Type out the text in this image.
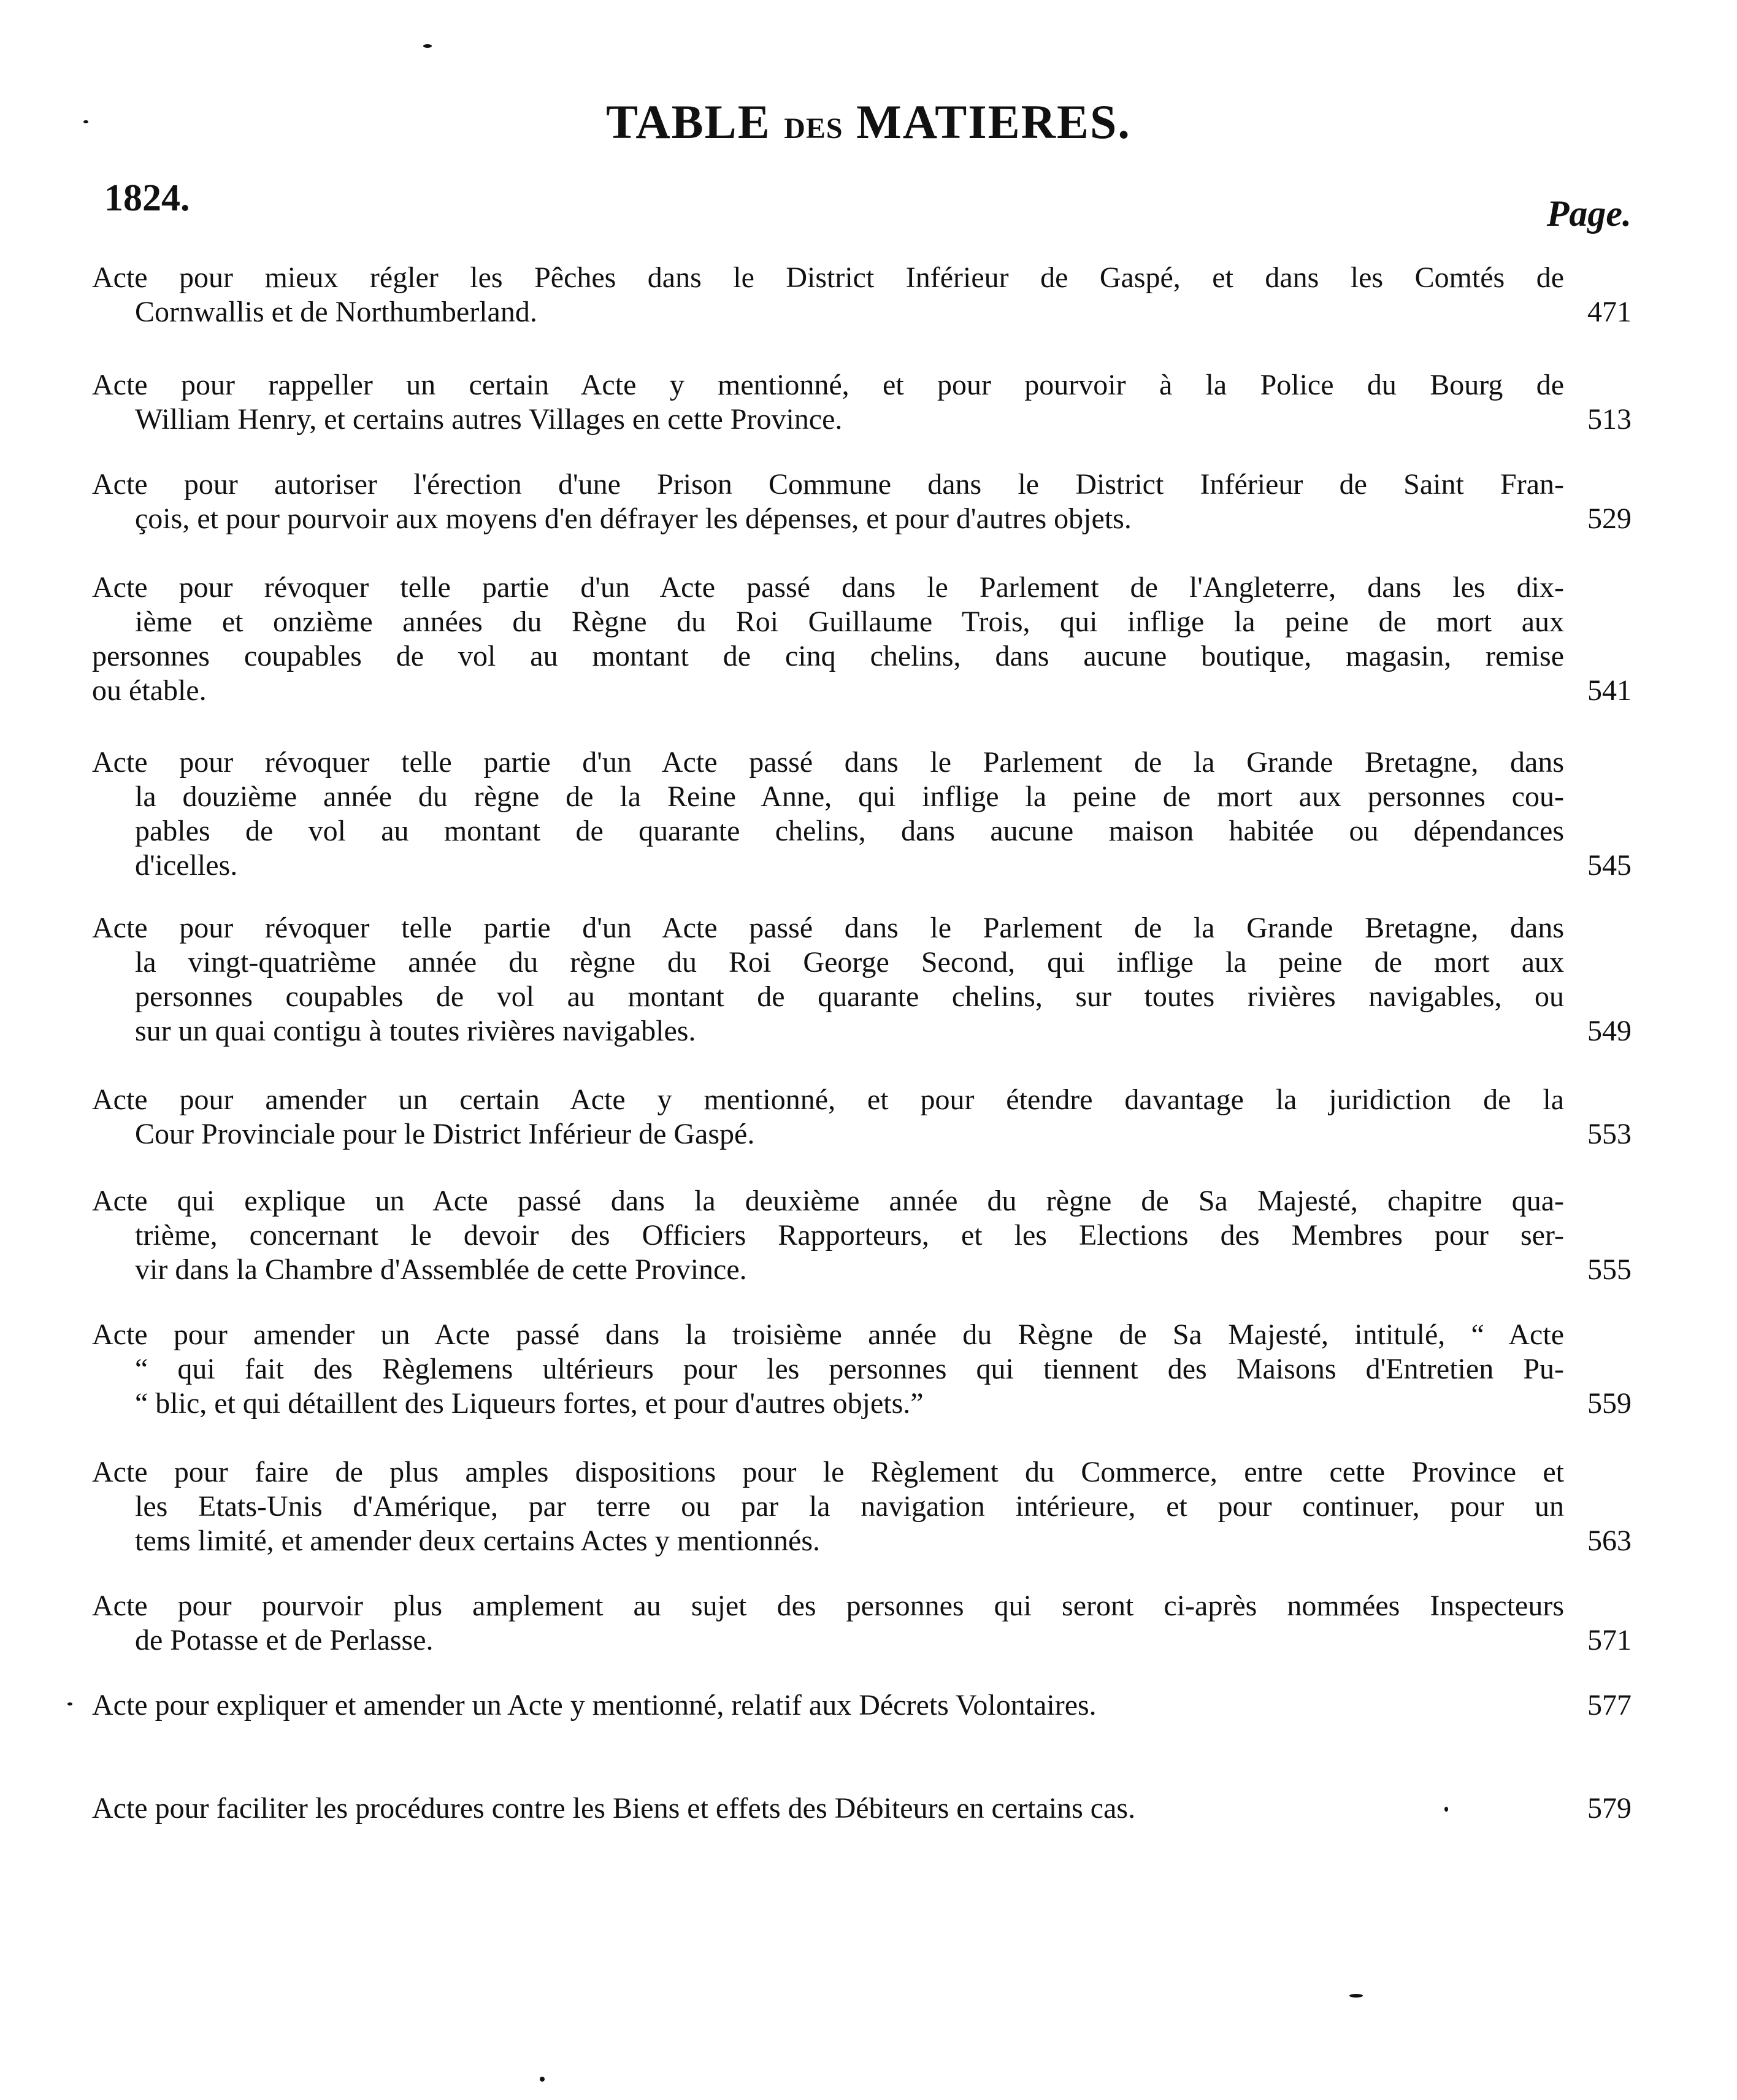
TABLE DES MATIERES.
1824.	Page.
Acte pour mieux régler les Pêches dans le District Inférieur de Gaspé, et dans les Comtés de
Cornwallis et de Northumberland.	471
Acte pour rappeller un certain Acte y mentionné, et pour pourvoir à la Police du Bourg de
William Henry, et certains autres Villages en cette Province.	513
Acte pour autoriser l'érection d'une Prison Commune dans le District Inférieur de Saint Fran-
çois, et pour pourvoir aux moyens d'en défrayer les dépenses, et pour d'autres objets.	529
Acte pour révoquer telle partie d'un Acte passé dans le Parlement de l'Angleterre, dans les dix-
ième et onzième années du Règne du Roi Guillaume Trois, qui inflige la peine de mort aux
personnes coupables de vol au montant de cinq chelins, dans aucune boutique, magasin, remise
ou étable.	541
Acte pour révoquer telle partie d'un Acte passé dans le Parlement de la Grande Bretagne, dans
la douzième année du règne de la Reine Anne, qui inflige la peine de mort aux personnes cou-
pables de vol au montant de quarante chelins, dans aucune maison habitée ou dépendances
d'icelles.	545
Acte pour révoquer telle partie d'un Acte passé dans le Parlement de la Grande Bretagne, dans
la vingt-quatrième année du règne du Roi George Second, qui inflige la peine de mort aux
personnes coupables de vol au montant de quarante chelins, sur toutes rivières navigables, ou
sur un quai contigu à toutes rivières navigables.	549
Acte pour amender un certain Acte y mentionné, et pour étendre davantage la juridiction de la
Cour Provinciale pour le District Inférieur de Gaspé.	553
Acte qui explique un Acte passé dans la deuxième année du règne de Sa Majesté, chapitre qua-
trième, concernant le devoir des Officiers Rapporteurs, et les Elections des Membres pour ser-
vir dans la Chambre d'Assemblée de cette Province.	555
Acte pour amender un Acte passé dans la troisième année du Règne de Sa Majesté, intitulé, “ Acte
“ qui fait des Règlemens ultérieurs pour les personnes qui tiennent des Maisons d'Entretien Pu-
“ blic, et qui détaillent des Liqueurs fortes, et pour d'autres objets.”	559
Acte pour faire de plus amples dispositions pour le Règlement du Commerce, entre cette Province et
les Etats-Unis d'Amérique, par terre ou par la navigation intérieure, et pour continuer, pour un
tems limité, et amender deux certains Actes y mentionnés.	563
Acte pour pourvoir plus amplement au sujet des personnes qui seront ci-après nommées Inspecteurs
de Potasse et de Perlasse.	571
Acte pour expliquer et amender un Acte y mentionné, relatif aux Décrets Volontaires.	577
Acte pour faciliter les procédures contre les Biens et effets des Débiteurs en certains cas.	579
